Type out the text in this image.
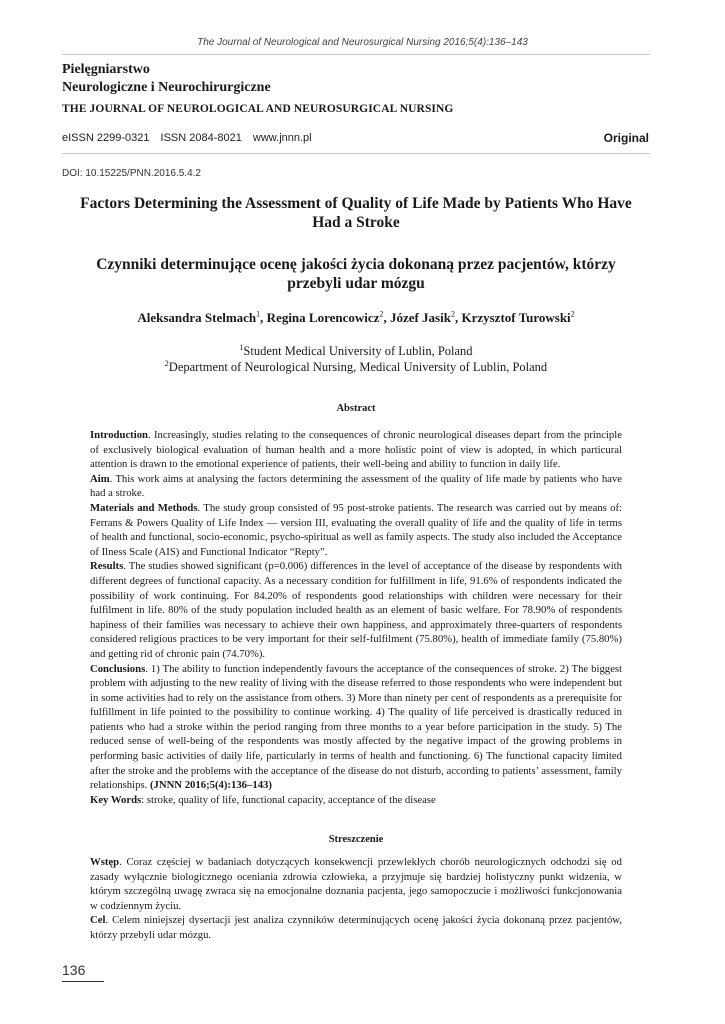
The Journal of Neurological and Neurosurgical Nursing 2016;5(4):136–143
Pielęgniarstwo
Neurologiczne i Neurochirurgiczne
THE JOURNAL OF NEUROLOGICAL AND NEUROSURGICAL NURSING
eISSN 2299-0321 ISSN 2084-8021 www.jnnn.pl	Original
DOI: 10.15225/PNN.2016.5.4.2
Factors Determining the Assessment of Quality of Life Made by Patients Who Have Had a Stroke
Czynniki determinujące ocenę jakości życia dokonaną przez pacjentów, którzy przebyli udar mózgu
Aleksandra Stelmach$^1$, Regina Lorencowicz$^2$, Józef Jasik$^2$, Krzysztof Turowski$^2$
$^1$Student Medical University of Lublin, Poland
$^2$Department of Neurological Nursing, Medical University of Lublin, Poland
Abstract

Introduction. Increasingly, studies relating to the consequences of chronic neurological diseases depart from the principle of exclusively biological evaluation of human health and a more holistic point of view is adopted, in which particural attention is drawn to the emotional experience of patients, their well-being and ability to function in daily life.

Aim. This work aims at analysing the factors determining the assessment of the quality of life made by patients who have had a stroke.

Materials and Methods. The study group consisted of 95 post-stroke patients. The research was carried out by means of: Ferrans & Powers Quality of Life Index — version III, evaluating the overall quality of life and the quality of life in terms of health and functional, socio-economic, psycho-spiritual as well as family aspects. The study also included the Acceptance of Ilness Scale (AIS) and Functional Indicator “Repty”.

Results. The studies showed significant (p=0.006) differences in the level of acceptance of the disease by respondents with different degrees of functional capacity. As a necessary condition for fulfillment in life, 91.6% of respondents indicated the possibility of work continuing. For 84.20% of respondents good relationships with children were necessary for their fulfilment in life. 80% of the study population included health as an element of basic welfare. For 78.90% of respondents hapiness of their families was necessary to achieve their own happiness, and approximately three-quarters of respondents considered religious practices to be very important for their self-fulfilment (75.80%), health of immediate family (75.80%) and getting rid of chronic pain (74.70%).

Conclusions. 1) The ability to function independently favours the acceptance of the consequences of stroke. 2) The biggest problem with adjusting to the new reality of living with the disease referred to those respondents who were independent but in some activities had to rely on the assistance from others. 3) More than ninety per cent of respondents as a prerequisite for fulfillment in life pointed to the possibility to continue working. 4) The quality of life perceived is drastically reduced in patients who had a stroke within the period ranging from three months to a year before participation in the study. 5) The reduced sense of well-being of the respondents was mostly affected by the negative impact of the growing problems in performing basic activities of daily life, particularly in terms of health and functioning. 6) The functional capacity limited after the stroke and the problems with the acceptance of the disease do not disturb, according to patients’ assessment, family relationships. (JNNN 2016;5(4):136–143)

Key Words: stroke, quality of life, functional capacity, acceptance of the disease

Streszczenie

Wstęp. Coraz częściej w badaniach dotyczących konsekwencji przewlekłych chorób neurologicznych odchodzi się od zasady wyłącznie biologicznego oceniania zdrowia człowieka, a przyjmuje się bardziej holistyczny punkt widzenia, w którym szczególną uwagę zwraca się na emocjonalne doznania pacjenta, jego samopoczucie i możliwości funkcjonowania w codziennym życiu.

Cel. Celem niniejszej dysertacji jest analiza czynników determinujących ocenę jakości życia dokonaną przez pacjentów, którzy przebyli udar mózgu.

136
